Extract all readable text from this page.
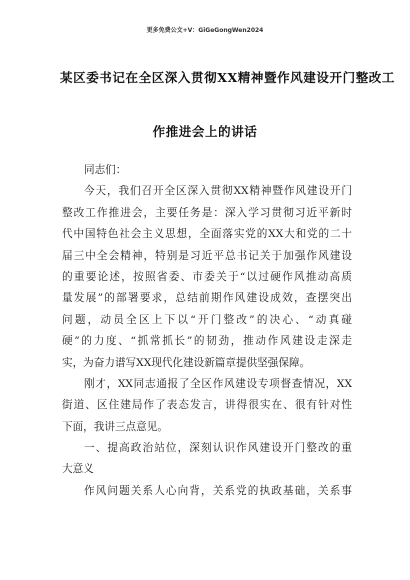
更多免费公文+V：GiGeGongWen2024
某区委书记在全区深入贯彻XX精神暨作风建设开门整改工
作推进会上的讲话
同志们：
今天，我们召开全区深入贯彻XX精神暨作风建设开门
整改工作推进会，主要任务是：深入学习贯彻习近平新时
代中国特色社会主义思想，全面落实党的XX大和党的二十
届三中全会精神，特别是习近平总书记关于加强作风建设
的重要论述，按照省委、市委关于“以过硬作风推动高质
量发展”的部署要求，总结前期作风建设成效，查摆突出
问题，动员全区上下以“开门整改”的决心、“动真碰
硬”的力度、“抓常抓长”的韧劲，推动作风建设走深走
实，为奋力谱写XX现代化建设新篇章提供坚强保障。
刚才，XX同志通报了全区作风建设专项督查情况，XX
街道、区住建局作了表态发言，讲得很实在、很有针对性
下面，我讲三点意见。
一、提高政治站位，深刻认识作风建设开门整改的重
大意义
作风问题关系人心向背，关系党的执政基础，关系事
